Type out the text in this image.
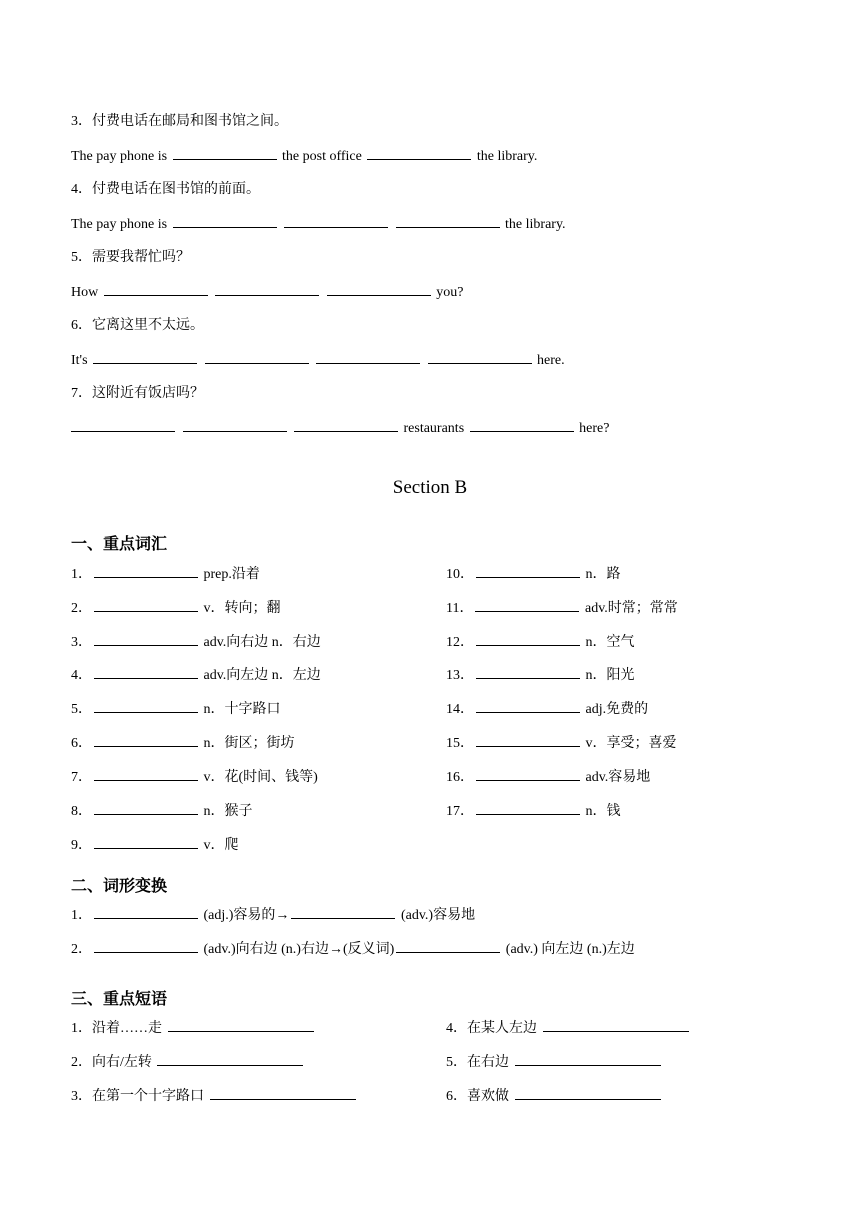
3．付费电话在邮局和图书馆之间。
The pay phone is	the post office	the library.
4．付费电话在图书馆的前面。
The pay phone is	the library.
5．需要我帮忙吗？
How	you?
6．它离这里不太远。
It's	here.
7．这附近有饭店吗？
restaurants	here?
Section B
一、重点词汇
1．	prep.沿着
2．	v．转向；翻
3．	adv.向右边 n．右边
4．	adv.向左边 n．左边
5．	n．十字路口
6．	n．街区；街坊
7．	v．花(时间、钱等)
8．	n．猴子
9．	v．爬
10．	n．路
11．	adv.时常；常常
12．	n．空气
13．	n．阳光
14．	adj.免费的
15．	v．享受；喜爱
16．	adv.容易地
17．	n．钱
二、词形变换
1．	(adj.)容易的→	(adv.)容易地
2．	(adv.)向右边 (n.)右边→(反义词)	(adv.) 向左边 (n.)左边
三、重点短语
1．沿着……走
2．向右/左转
3．在第一个十字路口
4．在某人左边
5．在右边
6．喜欢做
